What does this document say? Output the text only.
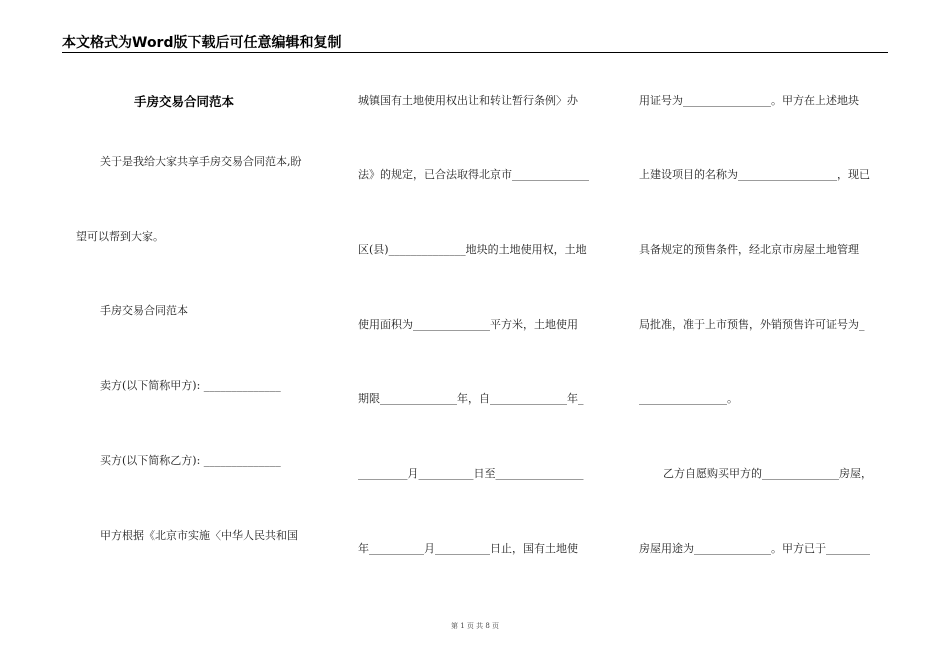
本文格式为Word版下载后可任意编辑和复制
手房交易合同范本
关于是我给大家共享手房交易合同范本,盼
望可以帮到大家。
手房交易合同范本
卖方(以下简称甲方): ______________
买方(以下简称乙方): ______________
甲方根据《北京市实施〈中华人民共和国
城镇国有土地使用权出让和转让暂行条例〉办
法》的规定，已合法取得北京市______________
区(县)______________地块的土地使用权，土地
使用面积为______________平方米，土地使用
期限______________年，自______________年_
_________月__________日至________________
年__________月__________日止，国有土地使
用证号为________________。甲方在上述地块
上建设项目的名称为__________________，现已
具备规定的预售条件，经北京市房屋土地管理
局批准，准于上市预售，外销预售许可证号为_
________________。
乙方自愿购买甲方的______________房屋，
房屋用途为______________。甲方已于________
第 1 页 共 8 页
